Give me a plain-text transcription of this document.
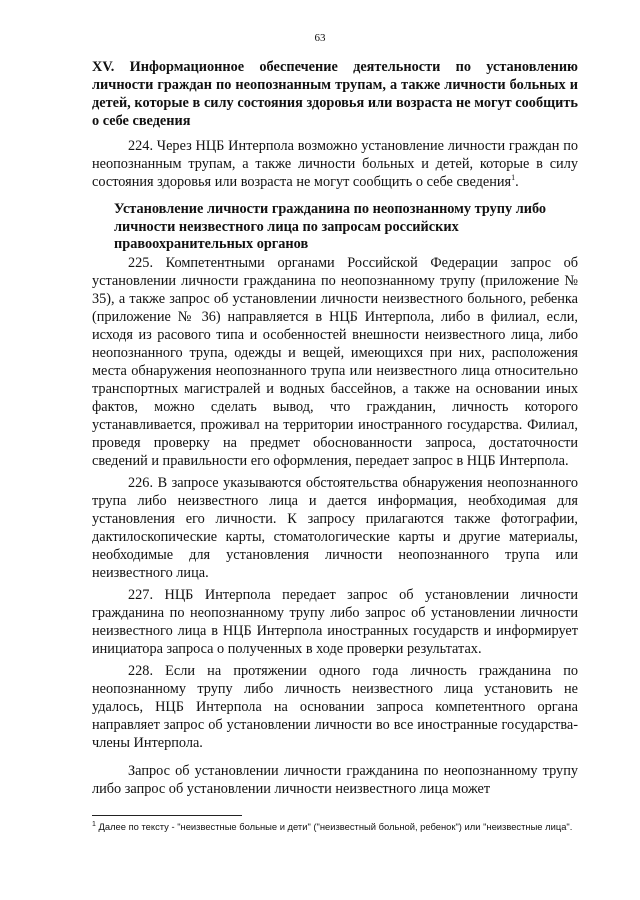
63

XV. Информационное обеспечение деятельности по установлению личности граждан по неопознанным трупам, а также личности больных и детей, которые в силу состояния здоровья или возраста не могут сообщить о себе сведения

224. Через НЦБ Интерпола возможно установление личности граждан по неопознанным трупам, а также личности больных и детей, которые в силу состояния здоровья или возраста не могут сообщить о себе сведения$^1$.

Установление личности гражданина по неопознанному трупу либо личности неизвестного лица по запросам российских правоохранительных органов

225. Компетентными органами Российской Федерации запрос об установлении личности гражданина по неопознанному трупу (приложение № 35), а также запрос об установлении личности неизвестного больного, ребенка (приложение № 36) направляется в НЦБ Интерпола, либо в филиал, если, исходя из расового типа и особенностей внешности неизвестного лица, либо неопознанного трупа, одежды и вещей, имеющихся при них, расположения места обнаружения неопознанного трупа или неизвестного лица относительно транспортных магистралей и водных бассейнов, а также на основании иных фактов, можно сделать вывод, что гражданин, личность которого устанавливается, проживал на территории иностранного государства. Филиал, проведя проверку на предмет обоснованности запроса, достаточности сведений и правильности его оформления, передает запрос в НЦБ Интерпола.

226. В запросе указываются обстоятельства обнаружения неопознанного трупа либо неизвестного лица и дается информация, необходимая для установления его личности. К запросу прилагаются также фотографии, дактилоскопические карты, стоматологические карты и другие материалы, необходимые для установления личности неопознанного трупа или неизвестного лица.

227. НЦБ Интерпола передает запрос об установлении личности гражданина по неопознанному трупу либо запрос об установлении личности неизвестного лица в НЦБ Интерпола иностранных государств и информирует инициатора запроса о полученных в ходе проверки результатах.

228. Если на протяжении одного года личность гражданина по неопознанному трупу либо личность неизвестного лица установить не удалось, НЦБ Интерпола на основании запроса компетентного органа направляет запрос об установлении личности во все иностранные государства-члены Интерпола.

Запрос об установлении личности гражданина по неопознанному трупу либо запрос об установлении личности неизвестного лица может

$^1$ Далее по тексту - "неизвестные больные и дети" ("неизвестный больной, ребенок") или "неизвестные лица".
